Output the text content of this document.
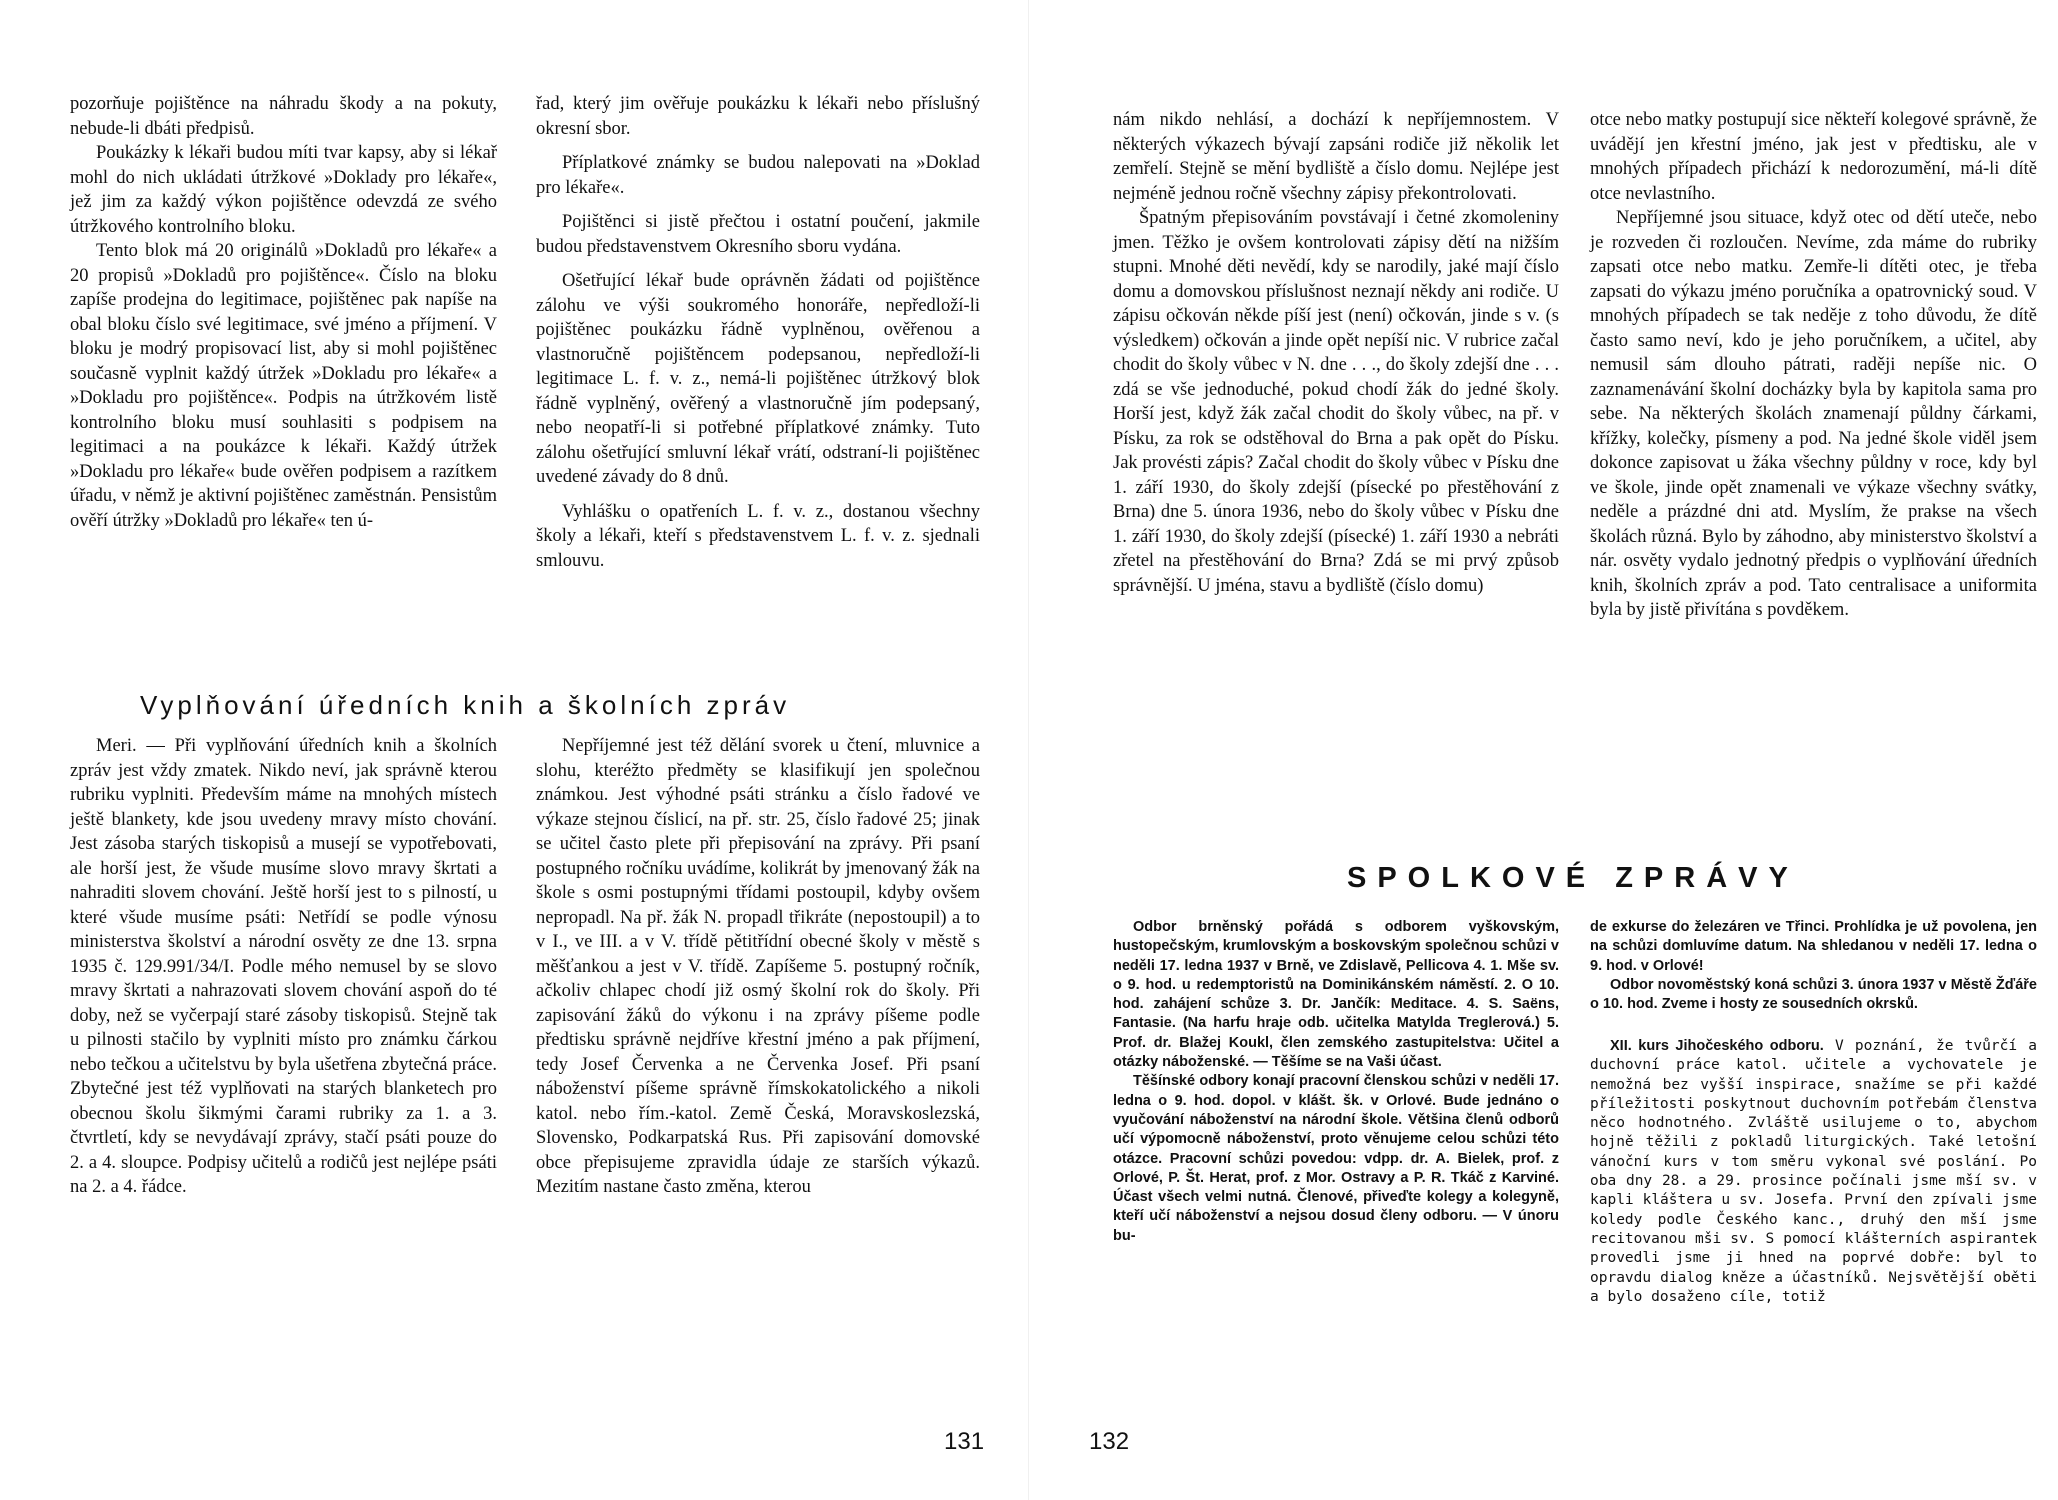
pozorňuje pojištěnce na náhradu škody a na pokuty, nebude-li dbáti předpisů.

Poukázky k lékaři budou míti tvar kapsy, aby si lékař mohl do nich ukládati útržkové »Doklady pro lékaře«, jež jim za každý výkon pojištěnce odevzdá ze svého útržkového kontrolního bloku.

Tento blok má 20 originálů »Dokladů pro lékaře« a 20 propisů »Dokladů pro pojištěnce«. Číslo na bloku zapíše prodejna do legitimace, pojištěnec pak napíše na obal bloku číslo své legitimace, své jméno a příjmení. V bloku je modrý propisovací list, aby si mohl pojištěnec současně vyplnit každý útržek »Dokladu pro lékaře« a »Dokladu pro pojištěnce«. Podpis na útržkovém listě kontrolního bloku musí souhlasiti s podpisem na legitimaci a na poukázce k lékaři. Každý útržek »Dokladu pro lékaře« bude ověřen podpisem a razítkem úřadu, v němž je aktivní pojištěnec zaměstnán. Pensistům ověří útržky »Dokladů pro lékaře« ten ú-

řad, který jim ověřuje poukázku k lékaři nebo příslušný okresní sbor.

Příplatkové známky se budou nalepovati na »Doklad pro lékaře«.

Pojištěnci si jistě přečtou i ostatní poučení, jakmile budou představenstvem Okresního sboru vydána.

Ošetřující lékař bude oprávněn žádati od pojištěnce zálohu ve výši soukromého honoráře, nepředloží-li pojištěnec poukázku řádně vyplněnou, ověřenou a vlastnoručně pojištěncem podepsanou, nepředloží-li legitimace L. f. v. z., nemá-li pojištěnec útržkový blok řádně vyplněný, ověřený a vlastnoručně jím podepsaný, nebo neopatří-li si potřebné příplatkové známky. Tuto zálohu ošetřující smluvní lékař vrátí, odstraní-li pojištěnec uvedené závady do 8 dnů.

Vyhlášku o opatřeních L. f. v. z., dostanou všechny školy a lékaři, kteří s představenstvem L. f. v. z. sjednali smlouvu.

Vyplňování úředních knih a školních zpráv

Meri. — Při vyplňování úředních knih a školních zpráv jest vždy zmatek. Nikdo neví, jak správně kterou rubriku vyplniti. Především máme na mnohých místech ještě blankety, kde jsou uvedeny mravy místo chování. Jest zásoba starých tiskopisů a musejí se vypotřebovati, ale horší jest, že všude musíme slovo mravy škrtati a nahraditi slovem chování. Ještě horší jest to s pilností, u které všude musíme psáti: Netřídí se podle výnosu ministerstva školství a národní osvěty ze dne 13. srpna 1935 č. 129.991/34/I. Podle mého nemusel by se slovo mravy škrtati a nahrazovati slovem chování aspoň do té doby, než se vyčerpají staré zásoby tiskopisů. Stejně tak u pilnosti stačilo by vyplniti místo pro známku čárkou nebo tečkou a učitelstvu by byla ušetřena zbytečná práce. Zbytečné jest též vyplňovati na starých blanketech pro obecnou školu šikmými čarami rubriky za 1. a 3. čtvrtletí, kdy se nevydávají zprávy, stačí psáti pouze do 2. a 4. sloupce. Podpisy učitelů a rodičů jest nejlépe psáti na 2. a 4. řádce.

Nepříjemné jest též dělání svorek u čtení, mluvnice a slohu, kteréžto předměty se klasifikují jen společnou známkou. Jest výhodné psáti stránku a číslo řadové ve výkaze stejnou číslicí, na př. str. 25, číslo řadové 25; jinak se učitel často plete při přepisování na zprávy. Při psaní postupného ročníku uvádíme, kolikrát by jmenovaný žák na škole s osmi postupnými třídami postoupil, kdyby ovšem nepropadl. Na př. žák N. propadl třikráte (nepostoupil) a to v I., ve III. a v V. třídě pětitřídní obecné školy v městě s měšťankou a jest v V. třídě. Zapíšeme 5. postupný ročník, ačkoliv chlapec chodí již osmý školní rok do školy. Při zapisování žáků do výkonu i na zprávy píšeme podle předtisku správně nejdříve křestní jméno a pak příjmení, tedy Josef Červenka a ne Červenka Josef. Při psaní náboženství píšeme správně římskokatolického a nikoli katol. nebo řím.-katol. Země Česká, Moravskoslezská, Slovensko, Podkarpatská Rus. Při zapisování domovské obce přepisujeme zpravidla údaje ze starších výkazů. Mezitím nastane často změna, kterou

131

nám nikdo nehlásí, a dochází k nepříjemnostem. V některých výkazech bývají zapsáni rodiče již několik let zemřelí. Stejně se mění bydliště a číslo domu. Nejlépe jest nejméně jednou ročně všechny zápisy překontrolovati.

Špatným přepisováním povstávají i četné zkomoleniny jmen. Těžko je ovšem kontrolovati zápisy dětí na nižším stupni. Mnohé děti nevědí, kdy se narodily, jaké mají číslo domu a domovskou příslušnost neznají někdy ani rodiče. U zápisu očkován někde píší jest (není) očkován, jinde s v. (s výsledkem) očkován a jinde opět nepíší nic. V rubrice začal chodit do školy vůbec v N. dne . . ., do školy zdejší dne . . . zdá se vše jednoduché, pokud chodí žák do jedné školy. Horší jest, když žák začal chodit do školy vůbec, na př. v Písku, za rok se odstěhoval do Brna a pak opět do Písku. Jak provésti zápis? Začal chodit do školy vůbec v Písku dne 1. září 1930, do školy zdejší (písecké po přestěhování z Brna) dne 5. února 1936, nebo do školy vůbec v Písku dne 1. září 1930, do školy zdejší (písecké) 1. září 1930 a nebráti zřetel na přestěhování do Brna? Zdá se mi prvý způsob správnější. U jména, stavu a bydliště (číslo domu)

otce nebo matky postupují sice někteří kolegové správně, že uvádějí jen křestní jméno, jak jest v předtisku, ale v mnohých případech přichází k nedorozumění, má-li dítě otce nevlastního.

Nepříjemné jsou situace, když otec od dětí uteče, nebo je rozveden či rozloučen. Nevíme, zda máme do rubriky zapsati otce nebo matku. Zemře-li dítěti otec, je třeba zapsati do výkazu jméno poručníka a opatrovnický soud. V mnohých případech se tak neděje z toho důvodu, že dítě často samo neví, kdo je jeho poručníkem, a učitel, aby nemusil sám dlouho pátrati, raději nepíše nic. O zaznamenávání školní docházky byla by kapitola sama pro sebe. Na některých školách znamenají půldny čárkami, křížky, kolečky, písmeny a pod. Na jedné škole viděl jsem dokonce zapisovat u žáka všechny půldny v roce, kdy byl ve škole, jinde opět znamenali ve výkaze všechny svátky, neděle a prázdné dni atd. Myslím, že prakse na všech školách různá. Bylo by záhodno, aby ministerstvo školství a nár. osvěty vydalo jednotný předpis o vyplňování úředních knih, školních zpráv a pod. Tato centralisace a uniformita byla by jistě přivítána s povděkem.

SPOLKOVÉ ZPRÁVY

Odbor brněnský pořádá s odborem vyškovským, hustopečským, krumlovským a boskovským společnou schůzi v neděli 17. ledna 1937 v Brně, ve Zdislavě, Pellicova 4. 1. Mše sv. o 9. hod. u redemptoristů na Dominikánském náměstí. 2. O 10. hod. zahájení schůze 3. Dr. Jančík: Meditace. 4. S. Saëns, Fantasie. (Na harfu hraje odb. učitelka Matylda Treglerová.) 5. Prof. dr. Blažej Koukl, člen zemského zastupitelstva: Učitel a otázky náboženské. — Těšíme se na Vaši účast.

Těšínské odbory konají pracovní členskou schůzi v neděli 17. ledna o 9. hod. dopol. v klášt. šk. v Orlové. Bude jednáno o vyučování náboženství na národní škole. Většina členů odborů učí výpomocně náboženství, proto věnujeme celou schůzi této otázce. Pracovní schůzi povedou: vdpp. dr. A. Bielek, prof. z Orlové, P. Št. Herat, prof. z Mor. Ostravy a P. R. Tkáč z Karviné. Účast všech velmi nutná. Členové, přiveďte kolegy a kolegyně, kteří učí náboženství a nejsou dosud členy odboru. — V únoru bu-

de exkurse do železáren ve Třinci. Prohlídka je už povolena, jen na schůzi domluvíme datum. Na shledanou v neděli 17. ledna o 9. hod. v Orlové!

Odbor novoměstský koná schůzi 3. února 1937 v Městě Žďáře o 10. hod. Zveme i hosty ze sousedních okrsků.

XII. kurs Jihočeského odboru. V poznání, že tvůrčí a duchovní práce katol. učitele a vychovatele je nemožná bez vyšší inspirace, snažíme se při každé příležitosti poskytnout duchovním potřebám členstva něco hodnotného. Zvláště usilujeme o to, abychom hojně těžili z pokladů liturgických. Také letošní vánoční kurs v tom směru vykonal své poslání. Po oba dny 28. a 29. prosince počínali jsme mší sv. v kapli kláštera u sv. Josefa. První den zpívali jsme koledy podle Českého kanc., druhý den mší jsme recitovanou mši sv. S pomocí klášterních aspirantek provedli jsme ji hned na poprvé dobře: byl to opravdu dialog kněze a účastníků. Nejsvětější oběti a bylo dosaženo cíle, totiž

132
